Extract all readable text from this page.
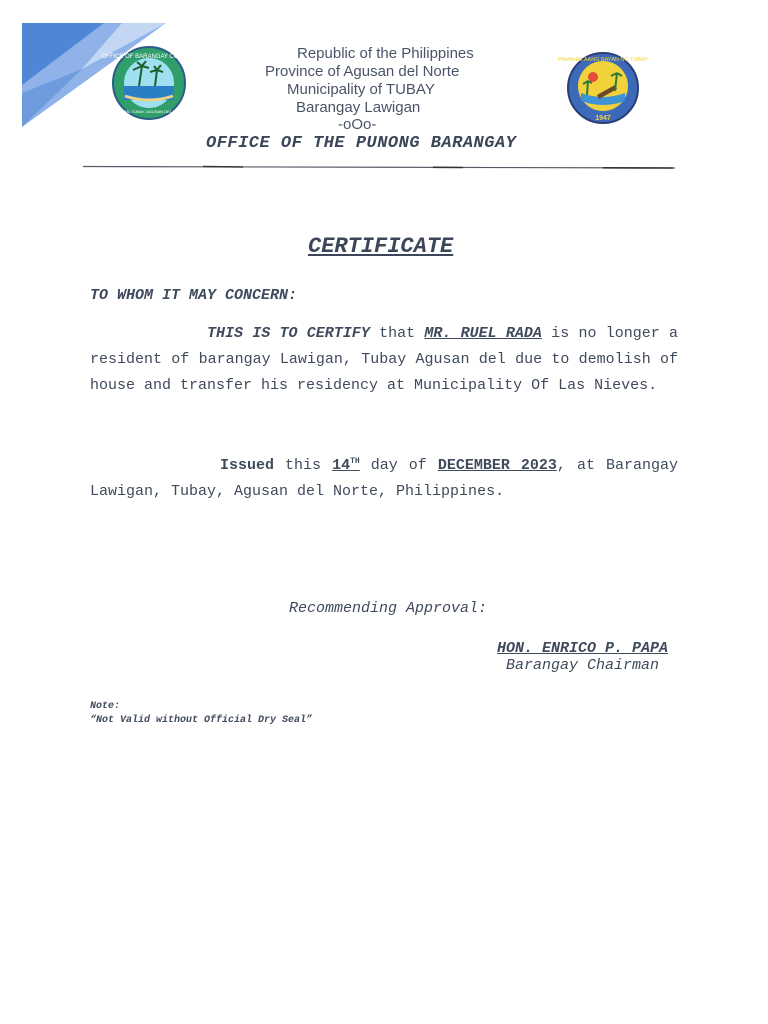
OFFICE OF BARANGAY COUNCIL
LAWIGAN, TUBAY, AGUSAN DEL NORTE
PAMAHALAANG BAYAN NG TUBAY
1947
Republic of the Philippines
Province of Agusan del Norte
Municipality of TUBAY
Barangay Lawigan
-oOo-
OFFICE OF THE PUNONG BARANGAY
CERTIFICATE
TO WHOM IT MAY CONCERN:
THIS IS TO CERTIFY that MR. RUEL RADA is no longer a resident of barangay Lawigan, Tubay Agusan del due to demolish of house and transfer his residency at Municipality Of Las Nieves.
Issued this 14TH day of DECEMBER 2023, at Barangay Lawigan, Tubay, Agusan del Norte, Philippines.
Recommending Approval:
HON. ENRICO P. PAPA
Barangay Chairman
Note:
“Not Valid without Official Dry Seal”
